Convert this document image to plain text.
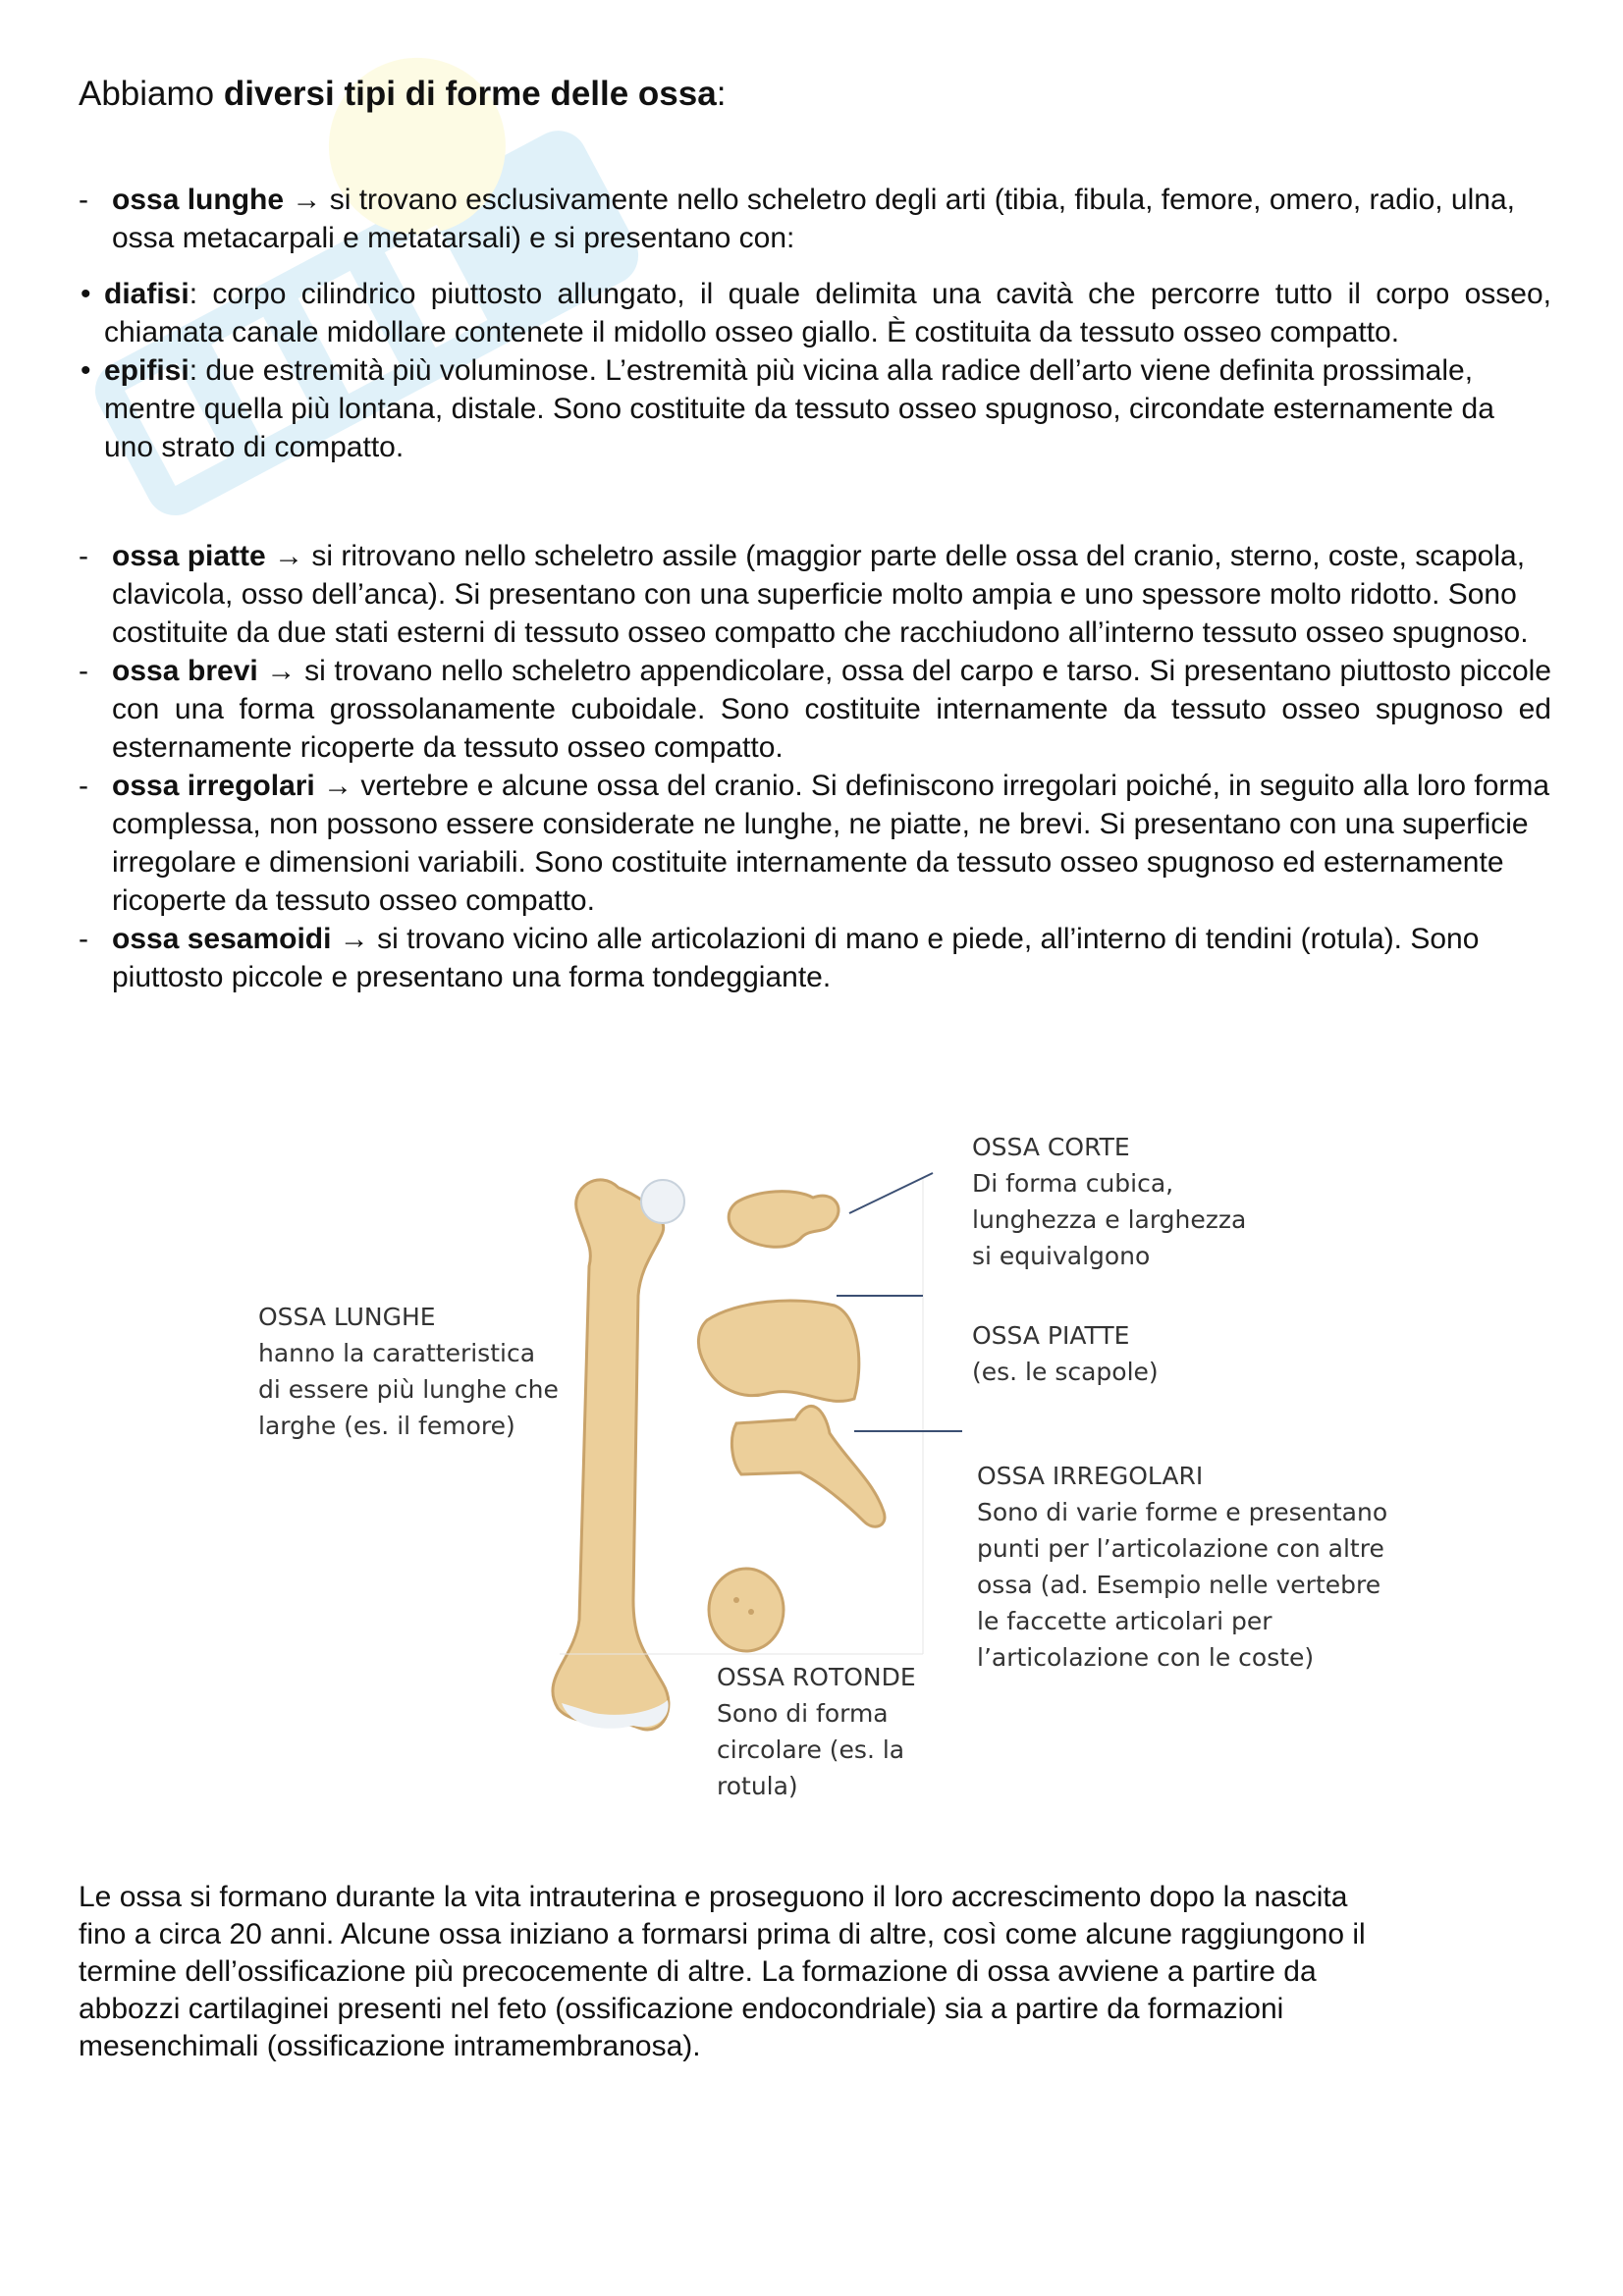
Abbiamo diversi tipi di forme delle ossa:
- ossa lunghe → si trovano esclusivamente nello scheletro degli arti (tibia, fibula, femore, omero, radio, ulna, ossa metacarpali e metatarsali) e si presentano con:
• diafisi: corpo cilindrico piuttosto allungato, il quale delimita una cavità che percorre tutto il corpo osseo, chiamata canale midollare contenete il midollo osseo giallo. È costituita da tessuto osseo compatto.
• epifisi: due estremità più voluminose. L’estremità più vicina alla radice dell’arto viene definita prossimale, mentre quella più lontana, distale. Sono costituite da tessuto osseo spugnoso, circondate esternamente da uno strato di compatto.
- ossa piatte → si ritrovano nello scheletro assile (maggior parte delle ossa del cranio, sterno, coste, scapola, clavicola, osso dell’anca). Si presentano con una superficie molto ampia e uno spessore molto ridotto. Sono costituite da due stati esterni di tessuto osseo compatto che racchiudono all’interno tessuto osseo spugnoso.
- ossa brevi → si trovano nello scheletro appendicolare, ossa del carpo e tarso. Si presentano piuttosto piccole con una forma grossolanamente cuboidale. Sono costituite internamente da tessuto osseo spugnoso ed esternamente ricoperte da tessuto osseo compatto.
- ossa irregolari → vertebre e alcune ossa del cranio. Si definiscono irregolari poiché, in seguito alla loro forma complessa, non possono essere considerate ne lunghe, ne piatte, ne brevi. Si presentano con una superficie irregolare e dimensioni variabili. Sono costituite internamente da tessuto osseo spugnoso ed esternamente ricoperte da tessuto osseo compatto.
- ossa sesamoidi → si trovano vicino alle articolazioni di mano e piede, all’interno di tendini (rotula). Sono piuttosto piccole e presentano una forma tondeggiante.
OSSA CORTE
Di forma cubica,
lunghezza e larghezza
si equivalgono
OSSA LUNGHE
hanno la caratteristica
di essere più lunghe che
larghe (es. il femore)
OSSA PIATTE
(es. le scapole)
OSSA IRREGOLARI
Sono di varie forme e presentano
punti per l’articolazione con altre
ossa (ad. Esempio nelle vertebre
le faccette articolari per
l’articolazione con le coste)
OSSA ROTONDE
Sono di forma
circolare (es. la
rotula)
Le ossa si formano durante la vita intrauterina e proseguono il loro accrescimento dopo la nascita
fino a circa 20 anni. Alcune ossa iniziano a formarsi prima di altre, così come alcune raggiungono il
termine dell’ossificazione più precocemente di altre. La formazione di ossa avviene a partire da
abbozzi cartilaginei presenti nel feto (ossificazione endocondriale) sia a partire da formazioni
mesenchimali (ossificazione intramembranosa).
